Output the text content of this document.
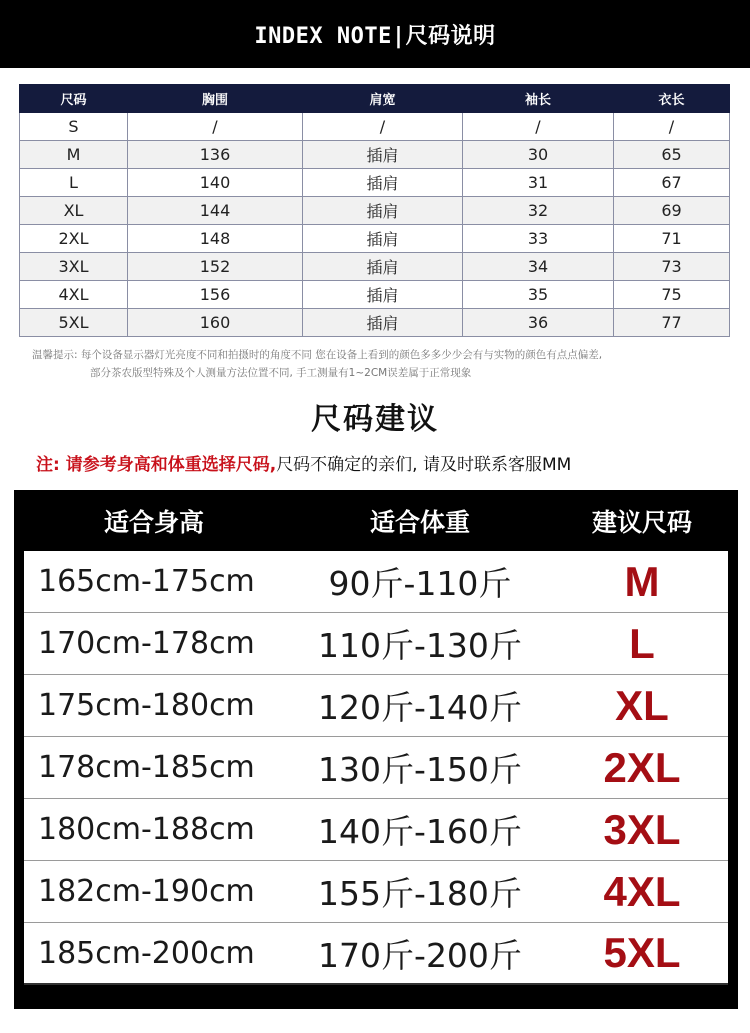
INDEX NOTE|尺码说明
尺码	胸围	肩宽	袖长	衣长
S	/	/	/	/
M	136	插肩	30	65
L	140	插肩	31	67
XL	144	插肩	32	69
2XL	148	插肩	33	71
3XL	152	插肩	34	73
4XL	156	插肩	35	75
5XL	160	插肩	36	77
温馨提示: 每个设备显示器灯光亮度不同和拍摄时的角度不同 您在设备上看到的颜色多多少少会有与实物的颜色有点点偏差,
部分茶农版型特殊及个人测量方法位置不同, 手工测量有1~2CM误差属于正常现象
尺码建议
注: 请参考身高和体重选择尺码,尺码不确定的亲们, 请及时联系客服MM
适合身高	适合体重	建议尺码
165cm-175cm	90斤-110斤	M
170cm-178cm	110斤-130斤	L
175cm-180cm	120斤-140斤	XL
178cm-185cm	130斤-150斤	2XL
180cm-188cm	140斤-160斤	3XL
182cm-190cm	155斤-180斤	4XL
185cm-200cm	170斤-200斤	5XL
